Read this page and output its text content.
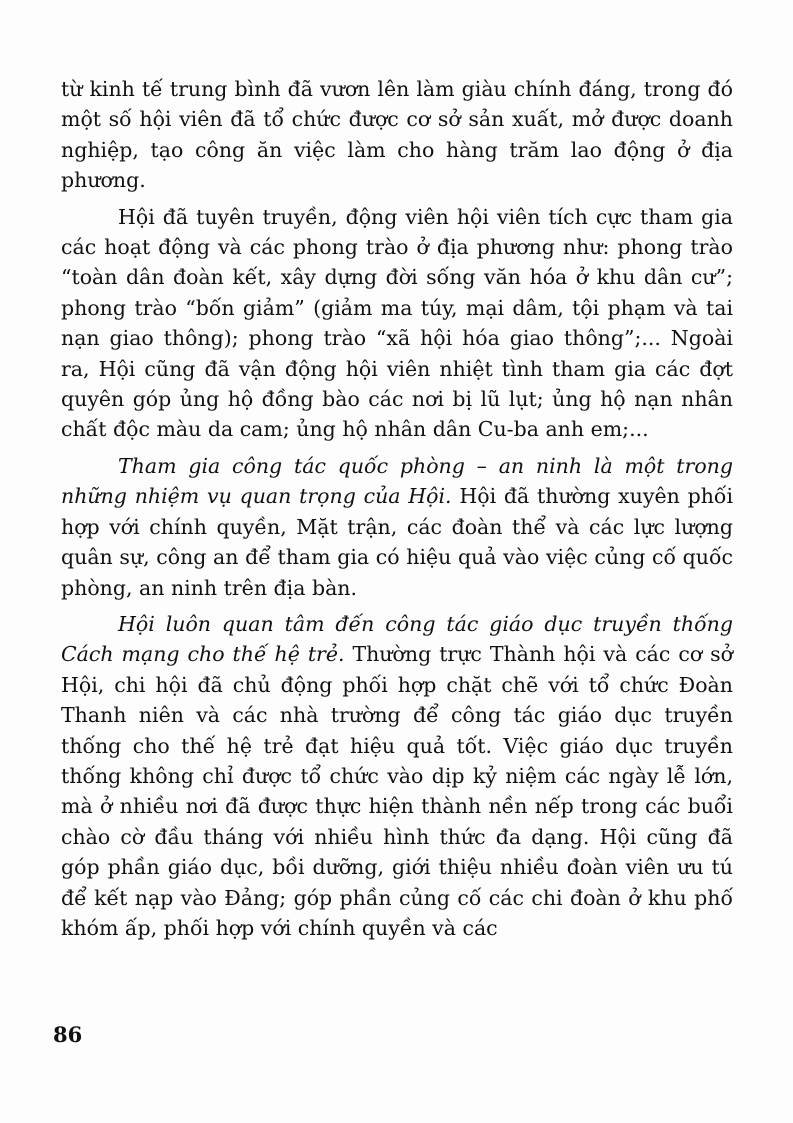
từ kinh tế trung bình đã vươn lên làm giàu chính đáng, trong đó một số hội viên đã tổ chức được cơ sở sản xuất, mở được doanh nghiệp, tạo công ăn việc làm cho hàng trăm lao động ở địa phương.

Hội đã tuyên truyền, động viên hội viên tích cực tham gia các hoạt động và các phong trào ở địa phương như: phong trào “toàn dân đoàn kết, xây dựng đời sống văn hóa ở khu dân cư”; phong trào “bốn giảm” (giảm ma túy, mại dâm, tội phạm và tai nạn giao thông); phong trào “xã hội hóa giao thông”;... Ngoài ra, Hội cũng đã vận động hội viên nhiệt tình tham gia các đợt quyên góp ủng hộ đồng bào các nơi bị lũ lụt; ủng hộ nạn nhân chất độc màu da cam; ủng hộ nhân dân Cu-ba anh em;...

Tham gia công tác quốc phòng – an ninh là một trong những nhiệm vụ quan trọng của Hội. Hội đã thường xuyên phối hợp với chính quyền, Mặt trận, các đoàn thể và các lực lượng quân sự, công an để tham gia có hiệu quả vào việc củng cố quốc phòng, an ninh trên địa bàn.

Hội luôn quan tâm đến công tác giáo dục truyền thống Cách mạng cho thế hệ trẻ. Thường trực Thành hội và các cơ sở Hội, chi hội đã chủ động phối hợp chặt chẽ với tổ chức Đoàn Thanh niên và các nhà trường để công tác giáo dục truyền thống cho thế hệ trẻ đạt hiệu quả tốt. Việc giáo dục truyền thống không chỉ được tổ chức vào dịp kỷ niệm các ngày lễ lớn, mà ở nhiều nơi đã được thực hiện thành nền nếp trong các buổi chào cờ đầu tháng với nhiều hình thức đa dạng. Hội cũng đã góp phần giáo dục, bồi dưỡng, giới thiệu nhiều đoàn viên ưu tú để kết nạp vào Đảng; góp phần củng cố các chi đoàn ở khu phố khóm ấp, phối hợp với chính quyền và các

86
